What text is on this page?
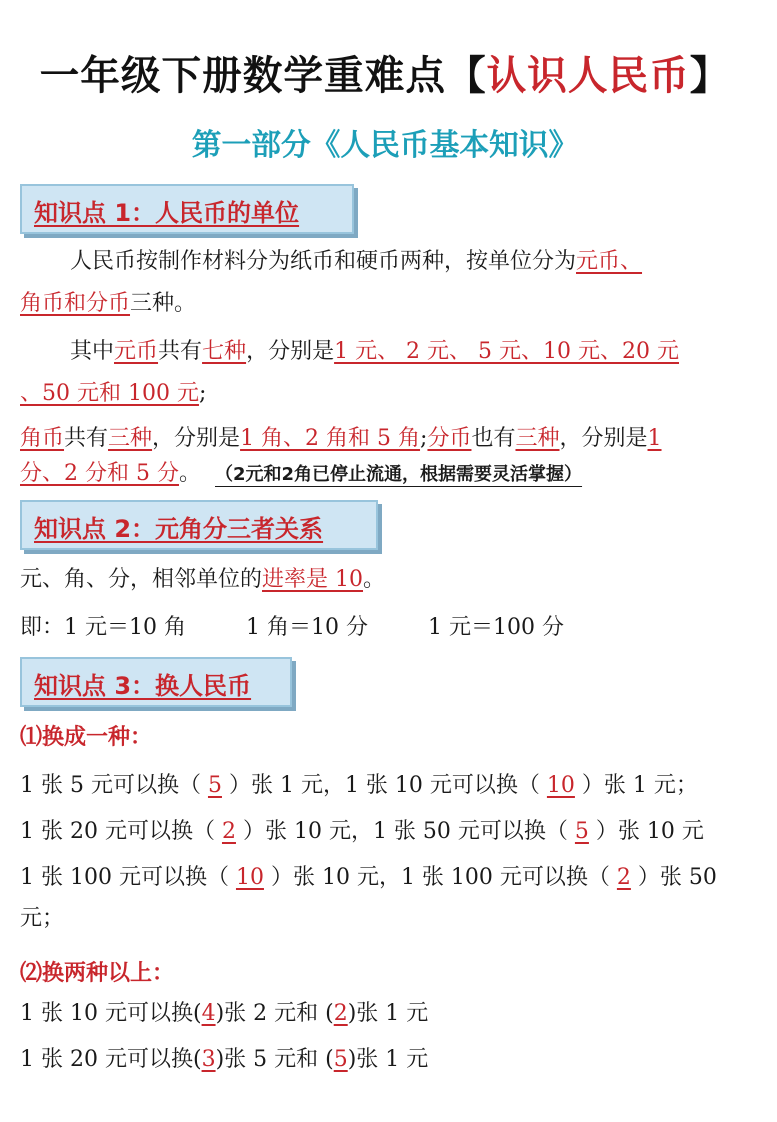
一年级下册数学重难点【认识人民币】
第一部分《人民币基本知识》
知识点 1：人民币的单位
人民币按制作材料分为纸币和硬币两种，按单位分为元币、
角币和分币三种。
其中元币共有七种，分别是1 元、 2 元、 5 元、10 元、20 元
、50 元和 100 元;
角币共有三种，分别是1 角、2 角和 5 角;分币也有三种，分别是1
分、2 分和 5 分。 （2元和2角已停止流通，根据需要灵活掌握）
知识点 2：元角分三者关系
元、角、分，相邻单位的进率是 10。
即：1 元＝10 角	1 角＝10 分	1 元＝100 分
知识点 3：换人民币
⑴换成一种：
1 张 5 元可以换（ 5 ）张 1 元，1 张 10 元可以换（ 10 ）张 1 元；
1 张 20 元可以换（ 2 ）张 10 元，1 张 50 元可以换（ 5 ）张 10 元
1 张 100 元可以换（ 10 ）张 10 元，1 张 100 元可以换（ 2 ）张 50
元；
⑵换两种以上：
1 张 10 元可以换(4)张 2 元和 (2)张 1 元
1 张 20 元可以换(3)张 5 元和 (5)张 1 元
